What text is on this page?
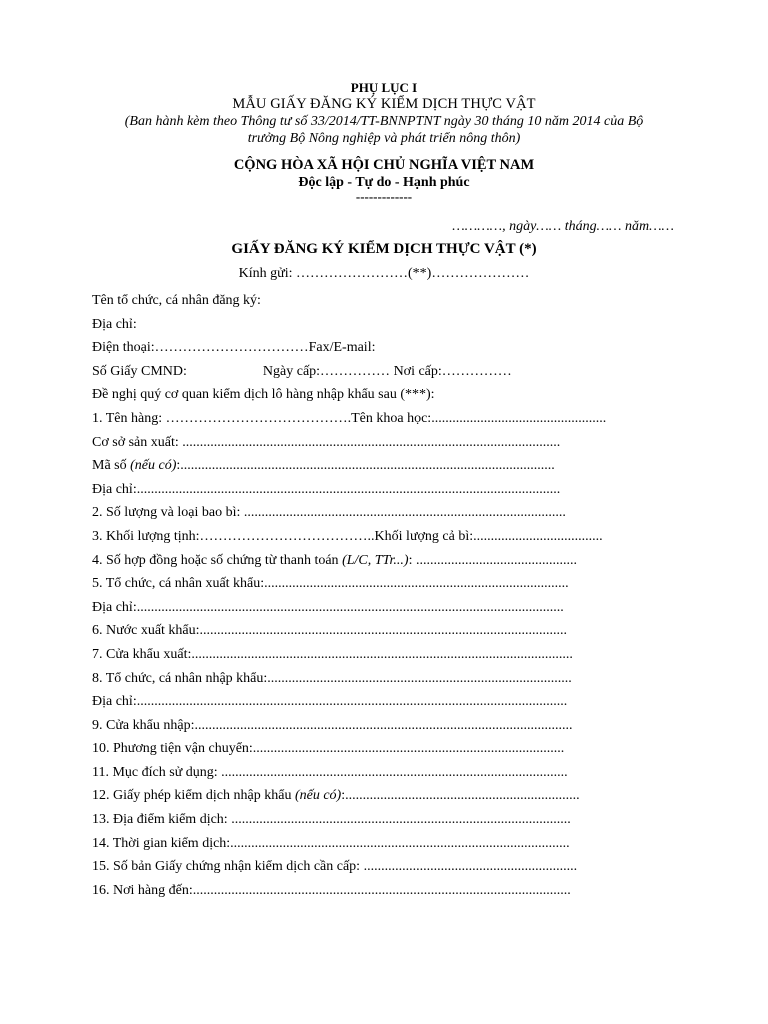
PHỤ LỤC I
MẪU GIẤY ĐĂNG KÝ KIỂM DỊCH THỰC VẬT
(Ban hành kèm theo Thông tư số 33/2014/TT-BNNPTNT ngày 30 tháng 10 năm 2014 của Bộ
trưởng Bộ Nông nghiệp và phát triển nông thôn)
CỘNG HÒA XÃ HỘI CHỦ NGHĨA VIỆT NAM
Độc lập - Tự do - Hạnh phúc
-------------
…………, ngày…… tháng…… năm……
GIẤY ĐĂNG KÝ KIỂM DỊCH THỰC VẬT (*)
Kính gửi: ……………………(**)…………………
Tên tổ chức, cá nhân đăng ký:
Địa chỉ:
Điện thoại:……………………………Fax/E-mail:
Số Giấy CMND:	Ngày cấp:…………… Nơi cấp:……………
Đề nghị quý cơ quan kiểm dịch lô hàng nhập khẩu sau (***):
1. Tên hàng: ………………………………….Tên khoa học:..................................................
Cơ sở sản xuất: ............................................................................................................
Mã số (nếu có):...........................................................................................................
Địa chỉ:.........................................................................................................................
2. Số lượng và loại bao bì: ............................................................................................
3. Khối lượng tịnh:………………………………..Khối lượng cả bì:.....................................
4. Số hợp đồng hoặc số chứng từ thanh toán (L/C, TTr...): ..............................................
5. Tổ chức, cá nhân xuất khẩu:.......................................................................................
Địa chỉ:..........................................................................................................................
6. Nước xuất khẩu:.........................................................................................................
7. Cửa khẩu xuất:.............................................................................................................
8. Tổ chức, cá nhân nhập khẩu:.......................................................................................
Địa chỉ:...........................................................................................................................
9. Cửa khẩu nhập:............................................................................................................
10. Phương tiện vận chuyển:.........................................................................................
11. Mục đích sử dụng: ...................................................................................................
12. Giấy phép kiểm dịch nhập khẩu (nếu có):...................................................................
13. Địa điểm kiểm dịch: .................................................................................................
14. Thời gian kiểm dịch:.................................................................................................
15. Số bản Giấy chứng nhận kiểm dịch cần cấp: .............................................................
16. Nơi hàng đến:............................................................................................................
